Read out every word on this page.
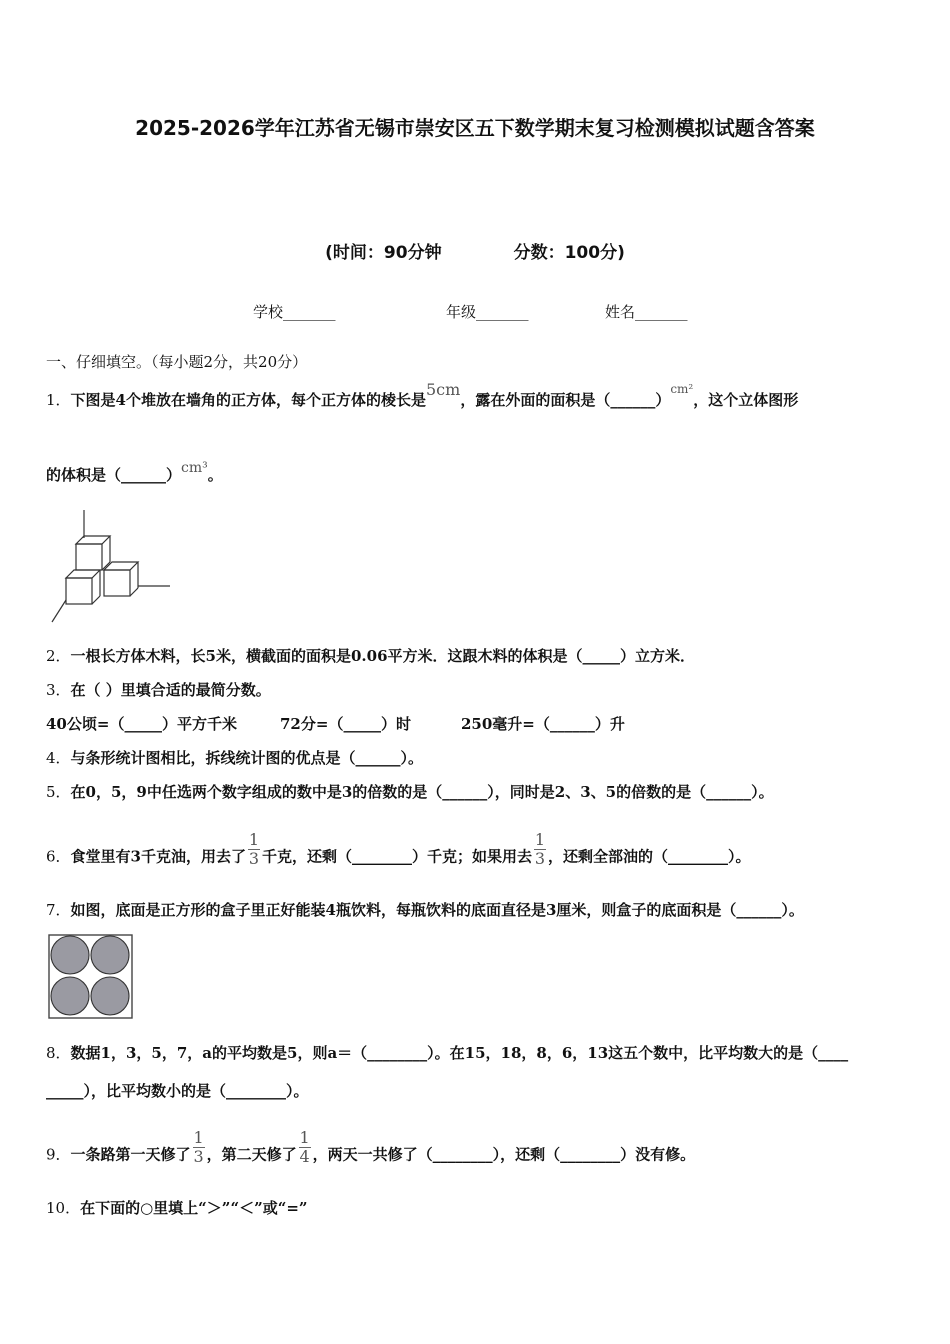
2025-2026学年江苏省无锡市崇安区五下数学期末复习检测模拟试题含答案
(时间：90分钟	分数：100分)
学校_______	年级_______	姓名_______
一、仔细填空。（每小题2分，共20分）
1．下图是4个堆放在墙角的正方体，每个正方体的棱长是5cm，露在外面的面积是（______）$^{cm^2}$，这个立体图形
的体积是（______）cm³。
2．一根长方体木料，长5米，横截面的面积是0.06平方米．这跟木料的体积是（_____）立方米．
3．在（ ）里填合适的最简分数。
40公顷=（_____）平方千米	72分=（_____）时	250毫升=（______）升
4．与条形统计图相比，拆线统计图的优点是（______）。
5．在0，5，9中任选两个数字组成的数中是3的倍数的是（______），同时是2、3、5的倍数的是（______）。
6．食堂里有3千克油，用去了 $\frac{1}{3}$ 千克，还剩（________）千克；如果用去 $\frac{1}{3}$ ，还剩全部油的（________）。
7．如图，底面是正方形的盒子里正好能装4瓶饮料，每瓶饮料的底面直径是3厘米，则盒子的底面积是（______）。
8．数据1，3，5，7，a的平均数是5，则a＝（________）。在15，18，8，6，13这五个数中，比平均数大的是（____
_____），比平均数小的是（________）。
9．一条路第一天修了 $\frac{1}{3}$ ，第二天修了 $\frac{1}{4}$ ，两天一共修了（________），还剩（________）没有修。
10．在下面的○里填上“＞”“＜”或“=”
